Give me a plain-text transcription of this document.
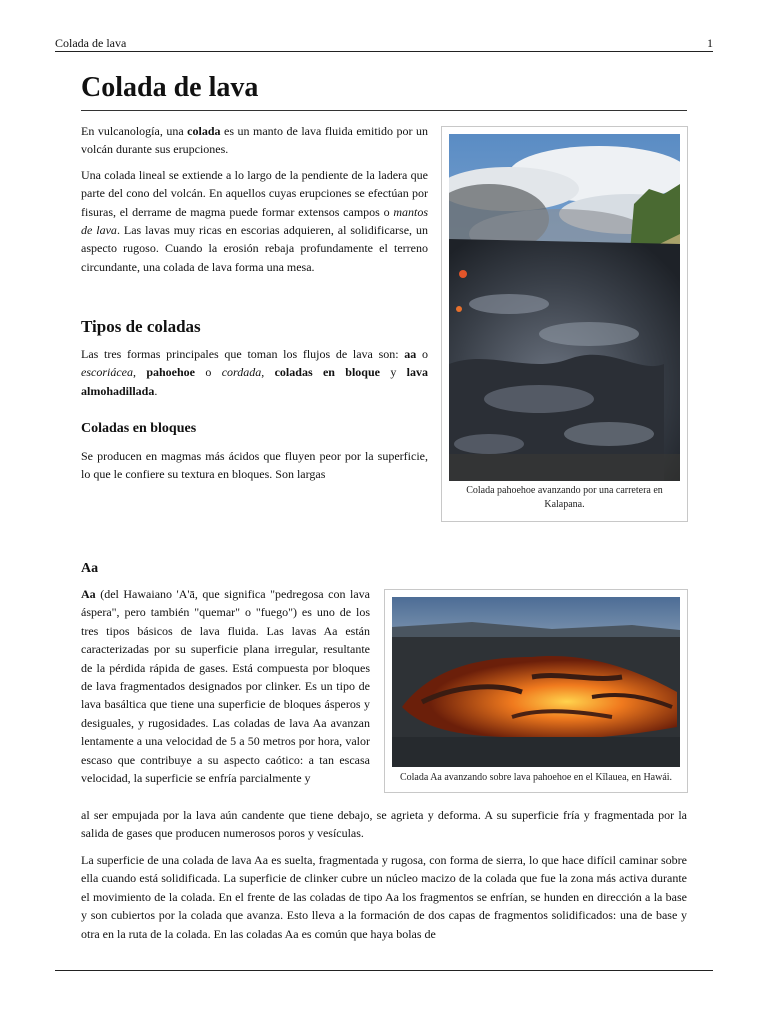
Colada de lava	1
Colada de lava

En vulcanología, una colada es un manto de lava fluida emitido por un volcán durante sus erupciones.

Una colada lineal se extiende a lo largo de la pendiente de la ladera que parte del cono del volcán. En aquellos cuyas erupciones se efectúan por fisuras, el derrame de magma puede formar extensos campos o mantos de lava. Las lavas muy ricas en escorias adquieren, al solidificarse, un aspecto rugoso. Cuando la erosión rebaja profundamente el terreno circundante, una colada de lava forma una mesa.

Tipos de coladas

Las tres formas principales que toman los flujos de lava son: aa o escoriácea, pahoehoe o cordada, coladas en bloque y lava almohadillada.

Coladas en bloques

Se producen en magmas más ácidos que fluyen peor por la superficie, lo que le confiere su textura en bloques. Son largas

Colada pahoehoe avanzando por una carretera en Kalapana.
Aa

Aa (del Hawaiano 'A'ā, que significa "pedregosa con lava áspera", pero también "quemar" o "fuego") es uno de los tres tipos básicos de lava fluida. Las lavas Aa están caracterizadas por su superficie plana irregular, resultante de la pérdida rápida de gases. Está compuesta por bloques de lava fragmentados designados por clinker. Es un tipo de lava basáltica que tiene una superficie de bloques ásperos y desiguales, y rugosidades. Las coladas de lava Aa avanzan lentamente a una velocidad de 5 a 50 metros por hora, valor escaso que contribuye a su aspecto caótico: a tan escasa velocidad, la superficie se enfría parcialmente y	Colada Aa avanzando sobre lava pahoehoe en el Kīlauea, en Hawái.

al ser empujada por la lava aún candente que tiene debajo, se agrieta y deforma. A su superficie fría y fragmentada por la salida de gases que producen numerosos poros y vesículas.

La superficie de una colada de lava Aa es suelta, fragmentada y rugosa, con forma de sierra, lo que hace difícil caminar sobre ella cuando está solidificada. La superficie de clinker cubre un núcleo macizo de la colada que fue la zona más activa durante el movimiento de la colada. En el frente de las coladas de tipo Aa los fragmentos se enfrían, se hunden en dirección a la base y son cubiertos por la colada que avanza. Esto lleva a la formación de dos capas de fragmentos solidificados: una de base y otra en la ruta de la colada. En las coladas Aa es común que haya bolas de
